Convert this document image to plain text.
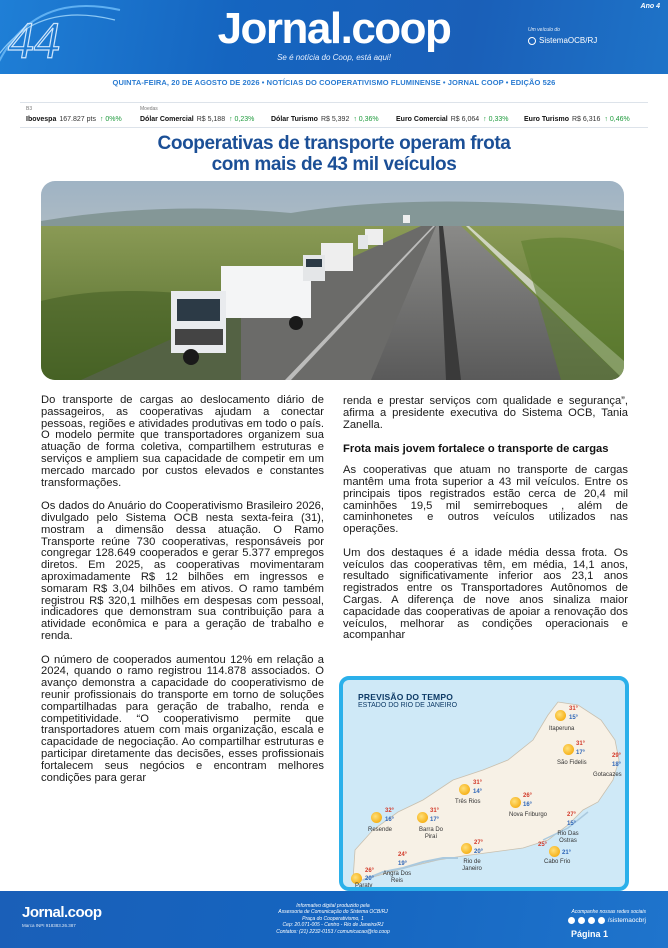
44	Jornal.coop
Se é notícia do Coop, está aqui!
Ano 4
Um veículo do
SistemaOCB/RJ
QUINTA-FEIRA, 20 DE AGOSTO DE 2026 • NOTÍCIAS DO COOPERATIVISMO FLUMINENSE • JORNAL COOP • EDIÇÃO 526
B3	Moedas
Ibovespa 167.827 pts ↑ 0%%	Dólar Comercial R$ 5,188 ↑ 0,23% Dólar Turismo R$ 5,392 ↑ 0,36% Euro Comercial R$ 6,064 ↑ 0,33% Euro Turismo R$ 6,316 ↑ 0,46%
Cooperativas de transporte operam frota
com mais de 43 mil veículos

Do transporte de cargas ao deslocamento diário de passageiros, as cooperativas ajudam a conectar pessoas, regiões e atividades produtivas em todo o país. O modelo permite que transportadores organizem sua atuação de forma coletiva, compartilhem estruturas e serviços e ampliem sua capacidade de competir em um mercado marcado por custos elevados e constantes transformações.

Os dados do Anuário do Cooperativismo Brasileiro 2026, divulgado pelo Sistema OCB nesta sexta-feira (31), mostram a dimensão dessa atuação. O Ramo Transporte reúne 730 cooperativas, responsáveis por congregar 128.649 cooperados e gerar 5.377 empregos diretos. Em 2025, as cooperativas movimentaram aproximadamente R$ 12 bilhões em ingressos e somaram R$ 3,04 bilhões em ativos. O ramo também registrou R$ 320,1 milhões em despesas com pessoal, indicadores que demonstram sua contribuição para a atividade econômica e para a geração de trabalho e renda.

O número de cooperados aumentou 12% em relação a 2024, quando o ramo registrou 114.878 associados. O avanço demonstra a capacidade do cooperativismo de reunir profissionais do transporte em torno de soluções compartilhadas para geração de trabalho, renda e competitividade. “O cooperativismo permite que transportadores atuem com mais organização, escala e capacidade de negociação. Ao compartilhar estruturas e participar diretamente das decisões, esses profissionais fortalecem seus negócios e encontram melhores condições para gerar

renda e prestar serviços com qualidade e segurança”, afirma a presidente executiva do Sistema OCB, Tania Zanella.

Frota mais jovem fortalece o transporte de cargas

As cooperativas que atuam no transporte de cargas mantêm uma frota superior a 43 mil veículos. Entre os principais tipos registrados estão cerca de 20,4 mil caminhões 19,5 mil semirreboques , além de caminhonetes e outros veículos utilizados nas operações.

Um dos destaques é a idade média dessa frota. Os veículos das cooperativas têm, em média, 14,1 anos, resultado significativamente inferior aos 23,1 anos registrados entre os Transportadores Autônomos de Cargas. A diferença de nove anos sinaliza maior capacidade das cooperativas de apoiar a renovação dos veículos, melhorar as condições operacionais e acompanhar

PREVISÃO DO TEMPO
ESTADO DO RIO DE JANEIRO	31°
15°
Itaperuna
31°
17°
São Fidelis
29°
18°
Gotacazes
31°
14°
Três Rios
26°
16°
Nova Friburgo
32°
16°
Resende
31°
17°
Barra Do Piraí
27°
15°
Rio Das Ostras
27°
20°
Rio de Janeiro
25°
21°
Cabo Frio
24°
19°
Angra Dos Reis
26°
20°
Paraty
Jornal.coop
Marca INPI 918383.26.387
Informativo digital produzido pela
Assessoria de Comunicação do Sistema OCB/RJ
Praça do Cooperativismo, 1
Cep: 20.071-005 - Centro - Rio de Janeiro/RJ
Contatos: (21) 2232-0153 / comunicacao@rio.coop
Acompanhe nossas redes sociais
/sistemaocbrj
Página 1
